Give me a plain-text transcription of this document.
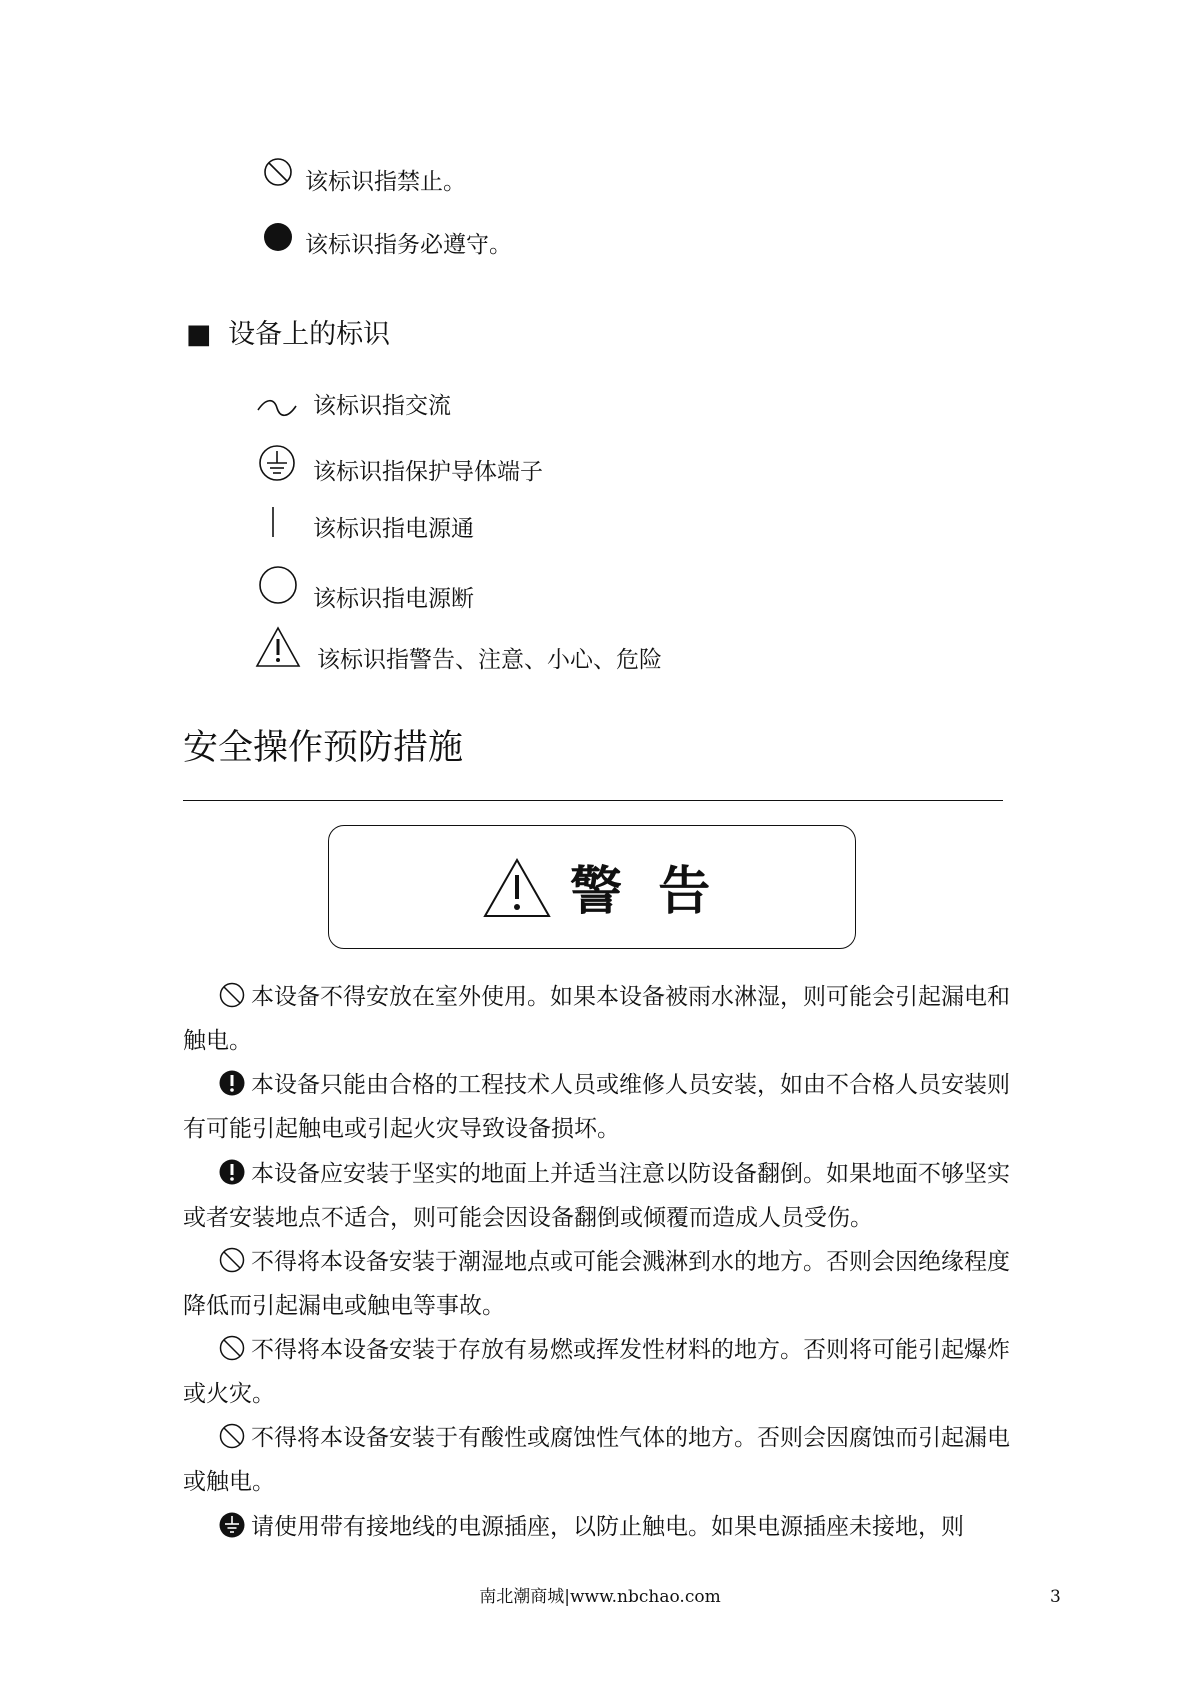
该标识指禁止。
该标识指务必遵守。
■ 设备上的标识
该标识指交流
该标识指保护导体端子
该标识指电源通
该标识指电源断
该标识指警告、注意、小心、危险
安全操作预防措施
警  告

本设备不得安放在室外使用。如果本设备被雨水淋湿，则可能会引起漏电和触电。

本设备只能由合格的工程技术人员或维修人员安装，如由不合格人员安装则有可能引起触电或引起火灾导致设备损坏。

本设备应安装于坚实的地面上并适当注意以防设备翻倒。如果地面不够坚实或者安装地点不适合，则可能会因设备翻倒或倾覆而造成人员受伤。

不得将本设备安装于潮湿地点或可能会溅淋到水的地方。否则会因绝缘程度降低而引起漏电或触电等事故。

不得将本设备安装于存放有易燃或挥发性材料的地方。否则将可能引起爆炸或火灾。

不得将本设备安装于有酸性或腐蚀性气体的地方。否则会因腐蚀而引起漏电或触电。

请使用带有接地线的电源插座，以防止触电。如果电源插座未接地，则

南北潮商城|www.nbchao.com	3
